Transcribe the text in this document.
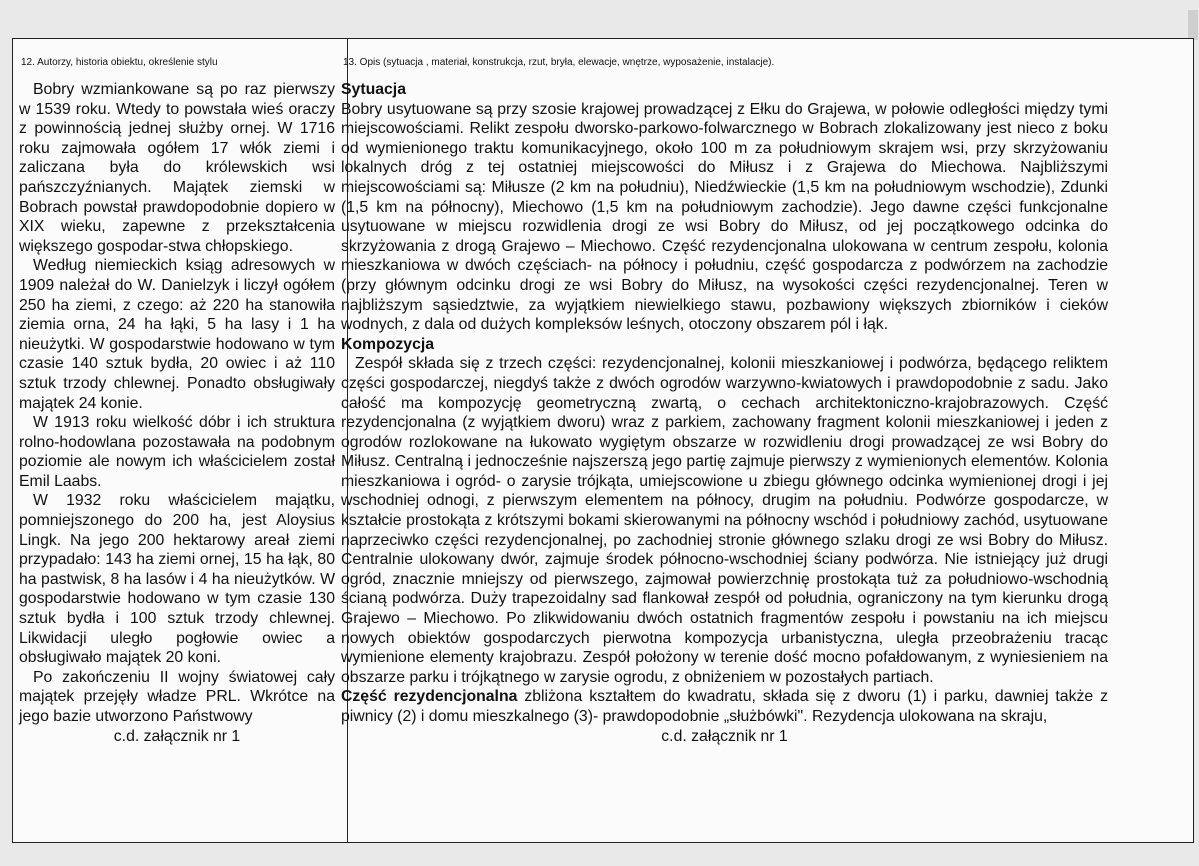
12. Autorzy, historia obiektu, określenie stylu	13. Opis (sytuacja , materiał, konstrukcja, rzut, bryła, elewacje, wnętrze, wyposażenie, instalacje).

Bobry wzmiankowane są po raz pierwszy w 1539 roku. Wtedy to powstała wieś oraczy z powinnością jednej służby ornej. W 1716 roku zajmowała ogółem 17 włók ziemi i zaliczana była do królewskich wsi pańszczyźnianych. Majątek ziemski w Bobrach powstał prawdopodobnie dopiero w XIX wieku, zapewne z przekształcenia większego gospodar-stwa chłopskiego.

Według niemieckich ksiąg adresowych w 1909 należał do W. Danielzyk i liczył ogółem 250 ha ziemi, z czego: aż 220 ha stanowiła ziemia orna, 24 ha łąki, 5 ha lasy i 1 ha nieużytki. W gospodarstwie hodowano w tym czasie 140 sztuk bydła, 20 owiec i aż 110 sztuk trzody chlewnej. Ponadto obsługiwały majątek 24 konie.

W 1913 roku wielkość dóbr i ich struktura rolno-hodowlana pozostawała na podobnym poziomie ale nowym ich właścicielem został Emil Laabs.

W 1932 roku właścicielem majątku, pomniejszonego do 200 ha, jest Aloysius Lingk. Na jego 200 hektarowy areał ziemi przypadało: 143 ha ziemi ornej, 15 ha łąk, 80 ha pastwisk, 8 ha lasów i 4 ha nieużytków. W gospodarstwie hodowano w tym czasie 130 sztuk bydła i 100 sztuk trzody chlewnej. Likwidacji uległo pogłowie owiec a obsługiwało majątek 20 koni.

Po zakończeniu II wojny światowej cały majątek przejęły władze PRL. Wkrótce na jego bazie utworzono Państwowy

c.d. załącznik nr 1

Sytuacja

Bobry usytuowane są przy szosie krajowej prowadzącej z Ełku do Grajewa, w połowie odległości między tymi miejscowościami. Relikt zespołu dworsko-parkowo-folwarcznego w Bobrach zlokalizowany jest nieco z boku od wymienionego traktu komunikacyjnego, około 100 m za południowym skrajem wsi, przy skrzyżowaniu lokalnych dróg z tej ostatniej miejscowości do Miłusz i z Grajewa do Miechowa. Najbliższymi miejscowościami są: Miłusze (2 km na południu), Niedźwieckie (1,5 km na południowym wschodzie), Zdunki (1,5 km na północny), Miechowo (1,5 km na południowym zachodzie). Jego dawne części funkcjonalne usytuowane w miejscu rozwidlenia drogi ze wsi Bobry do Miłusz, od jej początkowego odcinka do skrzyżowania z drogą Grajewo – Miechowo. Część rezydencjonalna ulokowana w centrum zespołu, kolonia mieszkaniowa w dwóch częściach- na północy i południu, część gospodarcza z podwórzem na zachodzie (przy głównym odcinku drogi ze wsi Bobry do Miłusz, na wysokości części rezydencjonalnej. Teren w najbliższym sąsiedztwie, za wyjątkiem niewielkiego stawu, pozbawiony większych zbiorników i cieków wodnych, z dala od dużych kompleksów leśnych, otoczony obszarem pól i łąk.

Kompozycja

Zespół składa się z trzech części: rezydencjonalnej, kolonii mieszkaniowej i podwórza, będącego reliktem części gospodarczej, niegdyś także z dwóch ogrodów warzywno-kwiatowych i prawdopodobnie z sadu. Jako całość ma kompozycję geometryczną zwartą, o cechach architektoniczno-krajobrazowych. Część rezydencjonalna (z wyjątkiem dworu) wraz z parkiem, zachowany fragment kolonii mieszkaniowej i jeden z ogrodów rozlokowane na łukowato wygiętym obszarze w rozwidleniu drogi prowadzącej ze wsi Bobry do Miłusz. Centralną i jednocześnie najszerszą jego partię zajmuje pierwszy z wymienionych elementów. Kolonia mieszkaniowa i ogród- o zarysie trójkąta, umiejscowione u zbiegu głównego odcinka wymienionej drogi i jej wschodniej odnogi, z pierwszym elementem na północy, drugim na południu. Podwórze gospodarcze, w kształcie prostokąta z krótszymi bokami skierowanymi na północny wschód i południowy zachód, usytuowane naprzeciwko części rezydencjonalnej, po zachodniej stronie głównego szlaku drogi ze wsi Bobry do Miłusz. Centralnie ulokowany dwór, zajmuje środek północno-wschodniej ściany podwórza. Nie istniejący już drugi ogród, znacznie mniejszy od pierwszego, zajmował powierzchnię prostokąta tuż za południowo-wschodnią ścianą podwórza. Duży trapezoidalny sad flankował zespół od południa, ograniczony na tym kierunku drogą Grajewo – Miechowo. Po zlikwidowaniu dwóch ostatnich fragmentów zespołu i powstaniu na ich miejscu nowych obiektów gospodarczych pierwotna kompozycja urbanistyczna, uległa przeobrażeniu tracąc wymienione elementy krajobrazu. Zespół położony w terenie dość mocno pofałdowanym, z wyniesieniem na obszarze parku i trójkątnego w zarysie ogrodu, z obniżeniem w pozostałych partiach.

Część rezydencjonalna zbliżona kształtem do kwadratu, składa się z dworu (1) i parku, dawniej także z piwnicy (2) i domu mieszkalnego (3)- prawdopodobnie „służbówki". Rezydencja ulokowana na skraju,

c.d. załącznik nr 1
